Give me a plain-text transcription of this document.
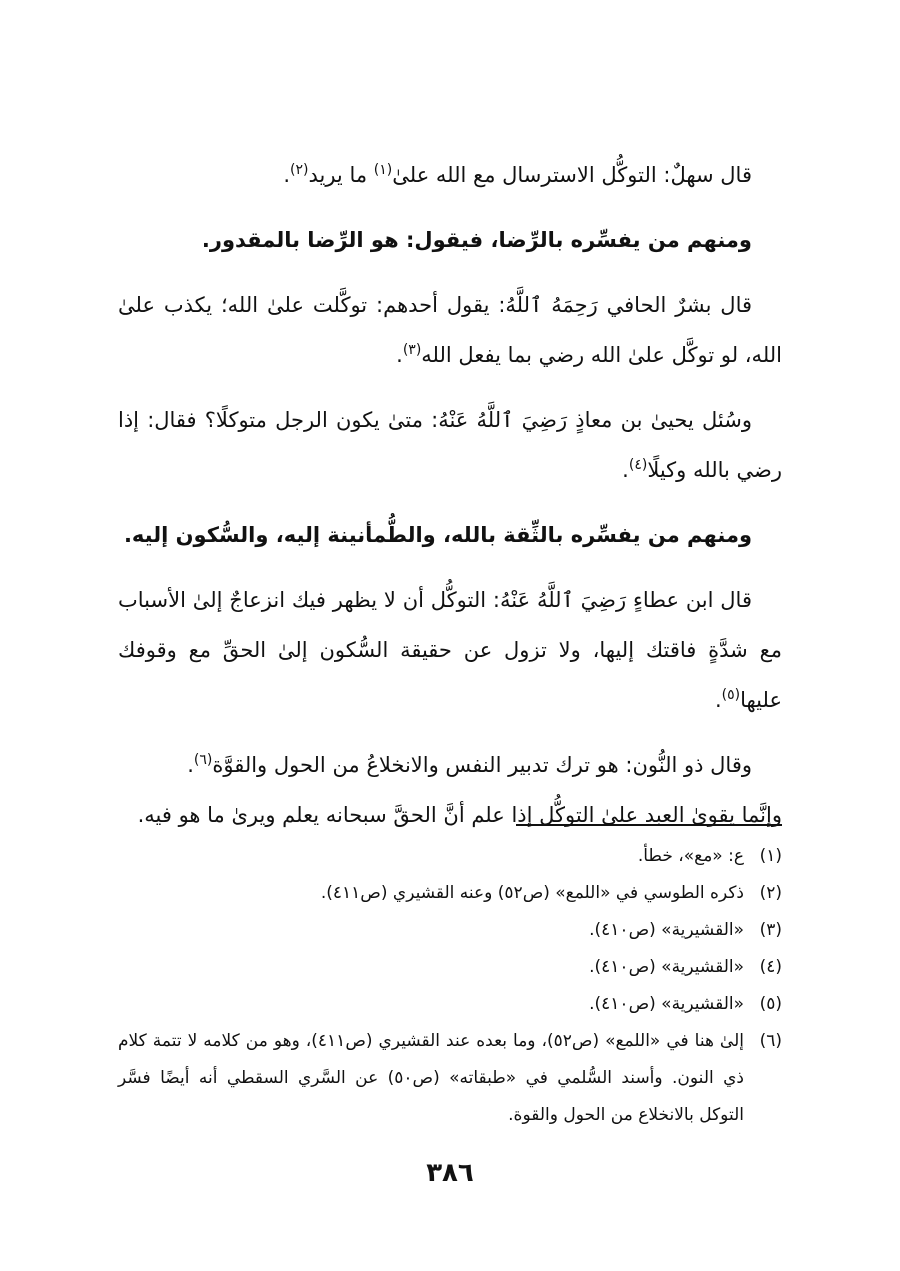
قال سهلٌ: التوكُّل الاسترسال مع الله علىٰ$^{(١)}$ ما يريد$^{(٢)}$.

ومنهم من يفسِّره بالرِّضا، فيقول: هو الرِّضا بالمقدور.

قال بشرٌ الحافي رَحِمَهُ ٱللَّهُ: يقول أحدهم: توكَّلت علىٰ الله؛ يكذب علىٰ الله، لو توكَّل علىٰ الله رضي بما يفعل الله$^{(٣)}$.

وسُئل يحيىٰ بن معاذٍ رَضِيَ ٱللَّهُ عَنْهُ: متىٰ يكون الرجل متوكلًا؟ فقال: إذا رضي بالله وكيلًا$^{(٤)}$.

ومنهم من يفسِّره بالثِّقة بالله، والطُّمأنينة إليه، والسُّكون إليه.

قال ابن عطاءٍ رَضِيَ ٱللَّهُ عَنْهُ: التوكُّل أن لا يظهر فيك انزعاجٌ إلىٰ الأسباب مع شدَّةٍ فاقتك إليها، ولا تزول عن حقيقة السُّكون إلىٰ الحقِّ مع وقوفك عليها$^{(٥)}$.

وقال ذو النُّون: هو ترك تدبير النفس والانخلاعُ من الحول والقوَّة$^{(٦)}$.

وإنَّما يقوىٰ العبد علىٰ التوكُّل إذا علم أنَّ الحقَّ سبحانه يعلم ويرىٰ ما هو فيه.

(١)
ع: «مع»، خطأ.
(٢)
ذكره الطوسي في «اللمع» (ص٥٢) وعنه القشيري (ص٤١١).
(٣)
«القشيرية» (ص٤١٠).
(٤)
«القشيرية» (ص٤١٠).
(٥)
«القشيرية» (ص٤١٠).
(٦)
إلىٰ هنا في «اللمع» (ص٥٢)، وما بعده عند القشيري (ص٤١١)، وهو من كلامه لا تتمة كلام ذي النون. وأسند السُّلمي في «طبقاته» (ص٥٠) عن السَّري السقطي أنه أيضًا فسَّر التوكل بالانخلاع من الحول والقوة.
٣٨٦
